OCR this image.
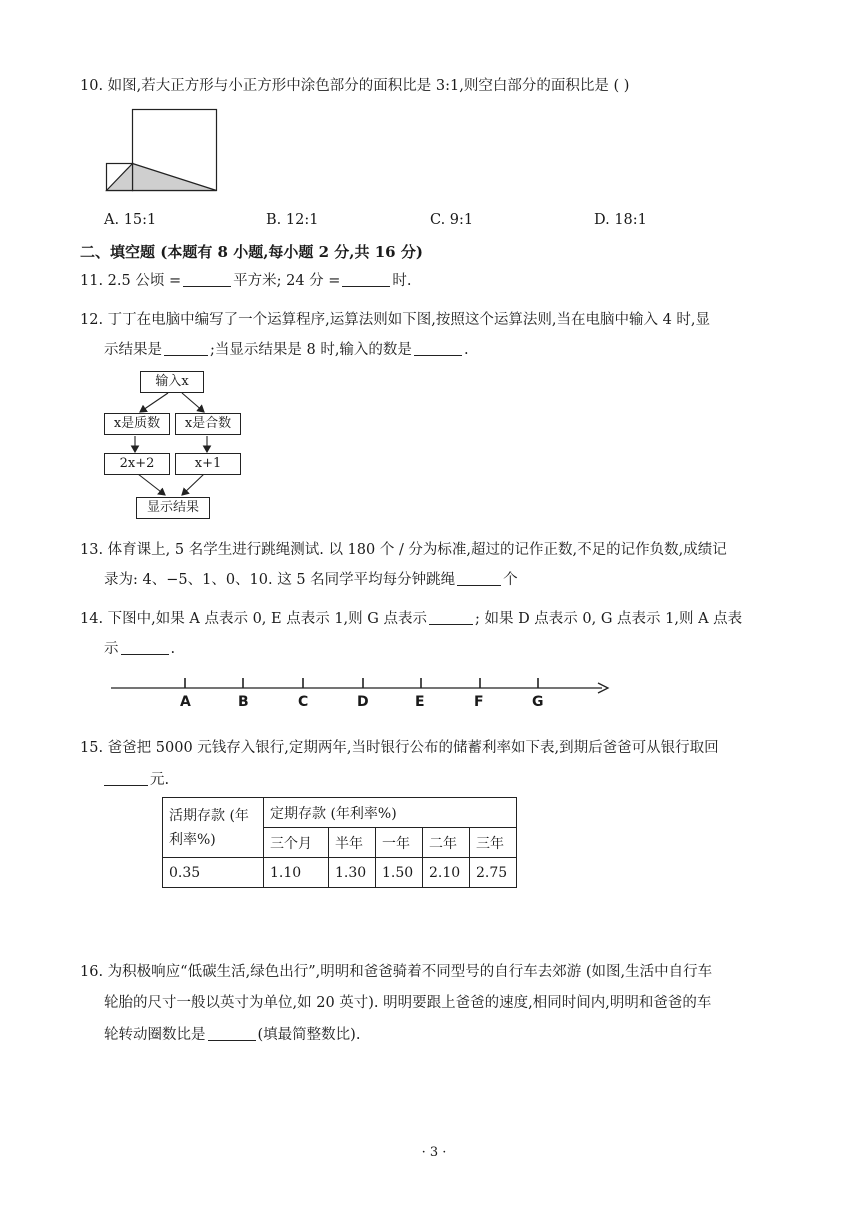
10. 如图,若大正方形与小正方形中涂色部分的面积比是 3:1,则空白部分的面积比是 ( )
A. 15:1	B. 12:1	C. 9:1	D. 18:1
二、填空题 (本题有 8 小题,每小题 2 分,共 16 分)
11. 2.5 公顷 =	平方米; 24 分 =	时.
12. 丁丁在电脑中编写了一个运算程序,运算法则如下图,按照这个运算法则,当在电脑中输入 4 时,显
示结果是	;当显示结果是 8 时,输入的数是	.
输入x
x是质数	x是合数
2x+2	x+1
显示结果
13. 体育课上, 5 名学生进行跳绳测试. 以 180 个 / 分为标准,超过的记作正数,不足的记作负数,成绩记
录为: 4、−5、1、0、10. 这 5 名同学平均每分钟跳绳	个
14. 下图中,如果 A 点表示 0, E 点表示 1,则 G 点表示	; 如果 D 点表示 0, G 点表示 1,则 A 点表
示	.
A	B	C	D	E	F	G
15. 爸爸把 5000 元钱存入银行,定期两年,当时银行公布的储蓄利率如下表,到期后爸爸可从银行取回
元.
活期存款 (年
利率%)	定期存款 (年利率%)				
	三个月	半年	一年	二年	三年
0.35	1.10	1.30	1.50	2.10	2.75
16. 为积极响应“低碳生活,绿色出行”,明明和爸爸骑着不同型号的自行车去郊游 (如图,生活中自行车
轮胎的尺寸一般以英寸为单位,如 20 英寸). 明明要跟上爸爸的速度,相同时间内,明明和爸爸的车
轮转动圈数比是	(填最简整数比).
· 3 ·
